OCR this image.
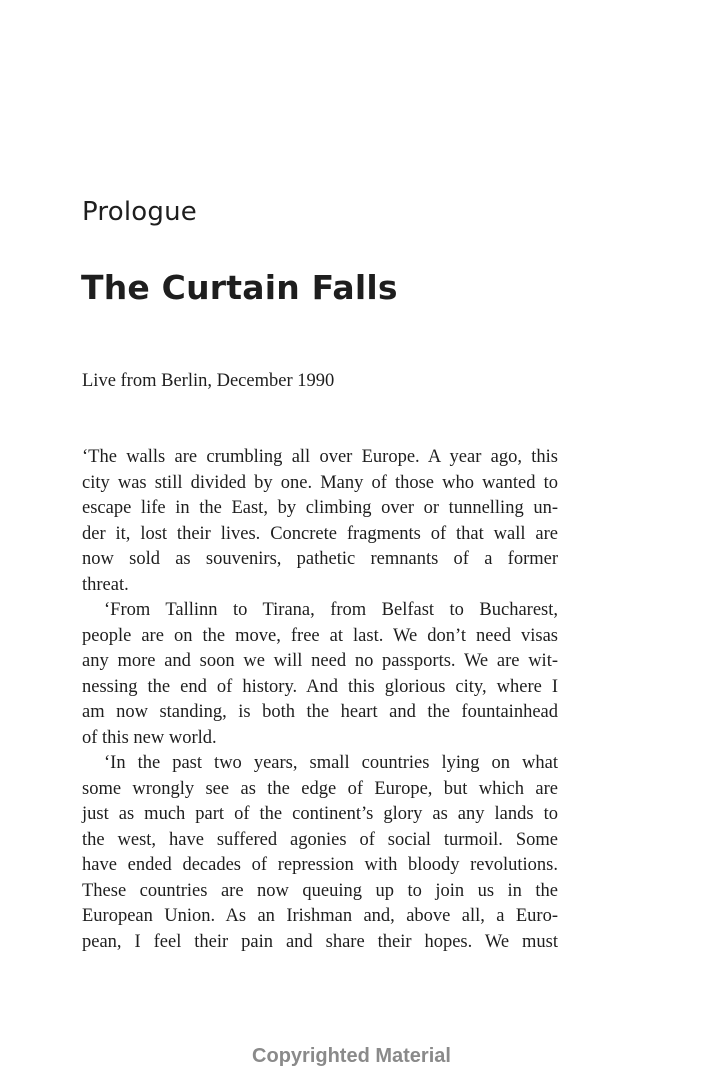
Prologue
The Curtain Falls

Live from Berlin, December 1990

‘The walls are crumbling all over Europe. A year ago, this
city was still divided by one. Many of those who wanted to
escape life in the East, by climbing over or tunnelling un-
der it, lost their lives. Concrete fragments of that wall are
now sold as souvenirs, pathetic remnants of a former
threat.
‘From Tallinn to Tirana, from Belfast to Bucharest,
people are on the move, free at last. We don’t need visas
any more and soon we will need no passports. We are wit-
nessing the end of history. And this glorious city, where I
am now standing, is both the heart and the fountainhead
of this new world.
‘In the past two years, small countries lying on what
some wrongly see as the edge of Europe, but which are
just as much part of the continent’s glory as any lands to
the west, have suffered agonies of social turmoil. Some
have ended decades of repression with bloody revolutions.
These countries are now queuing up to join us in the
European Union. As an Irishman and, above all, a Euro-
pean, I feel their pain and share their hopes. We must

Copyrighted Material
